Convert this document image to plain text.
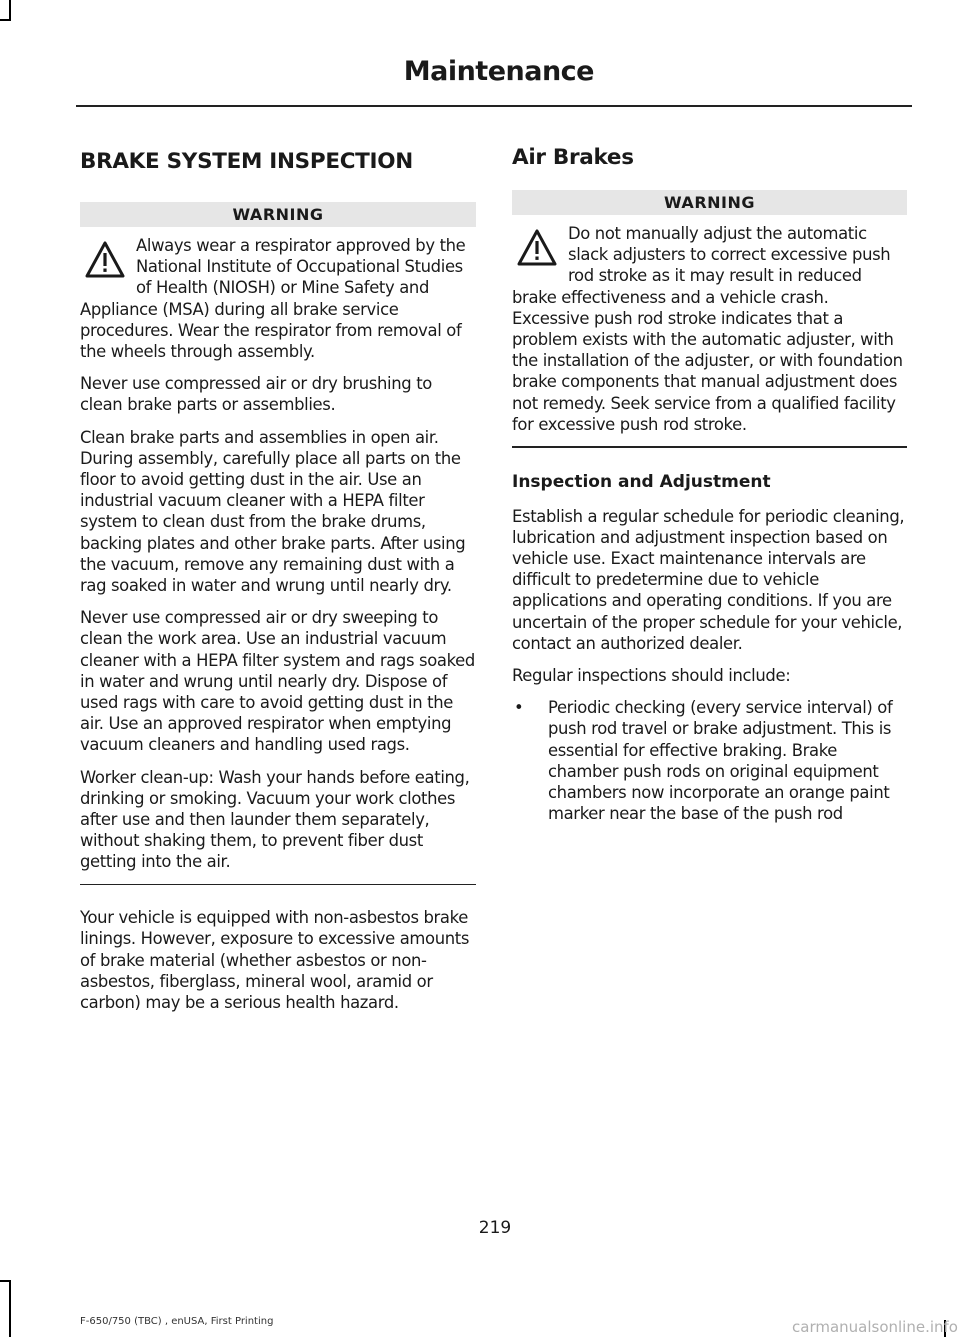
Maintenance
BRAKE SYSTEM INSPECTION
WARNING

Always wear a respirator approved by the National Institute of Occupational Studies of Health (NIOSH) or Mine Safety and Appliance (MSA) during all brake service procedures. Wear the respirator from removal of the wheels through assembly.

Never use compressed air or dry brushing to clean brake parts or assemblies.

Clean brake parts and assemblies in open air. During assembly, carefully place all parts on the floor to avoid getting dust in the air. Use an industrial vacuum cleaner with a HEPA filter system to clean dust from the brake drums, backing plates and other brake parts. After using the vacuum, remove any remaining dust with a rag soaked in water and wrung until nearly dry.

Never use compressed air or dry sweeping to clean the work area. Use an industrial vacuum cleaner with a HEPA filter system and rags soaked in water and wrung until nearly dry. Dispose of used rags with care to avoid getting dust in the air. Use an approved respirator when emptying vacuum cleaners and handling used rags.

Worker clean-up: Wash your hands before eating, drinking or smoking. Vacuum your work clothes after use and then launder them separately, without shaking them, to prevent fiber dust getting into the air.

Your vehicle is equipped with non-asbestos brake linings. However, exposure to excessive amounts of brake material (whether asbestos or non-asbestos, fiberglass, mineral wool, aramid or carbon) may be a serious health hazard.

Air Brakes
WARNING

Do not manually adjust the automatic slack adjusters to correct excessive push rod stroke as it may result in reduced brake effectiveness and a vehicle crash. Excessive push rod stroke indicates that a problem exists with the automatic adjuster, with the installation of the adjuster, or with foundation brake components that manual adjustment does not remedy. Seek service from a qualified facility for excessive push rod stroke.

Inspection and Adjustment

Establish a regular schedule for periodic cleaning, lubrication and adjustment inspection based on vehicle use. Exact maintenance intervals are difficult to predetermine due to vehicle applications and operating conditions. If you are uncertain of the proper schedule for your vehicle, contact an authorized dealer.

Regular inspections should include:

• Periodic checking (every service interval) of push rod travel or brake adjustment. This is essential for effective braking. Brake chamber push rods on original equipment chambers now incorporate an orange paint marker near the base of the push rod
219
F-650/750 (TBC) , enUSA, First Printing	carmanualsonline.info
